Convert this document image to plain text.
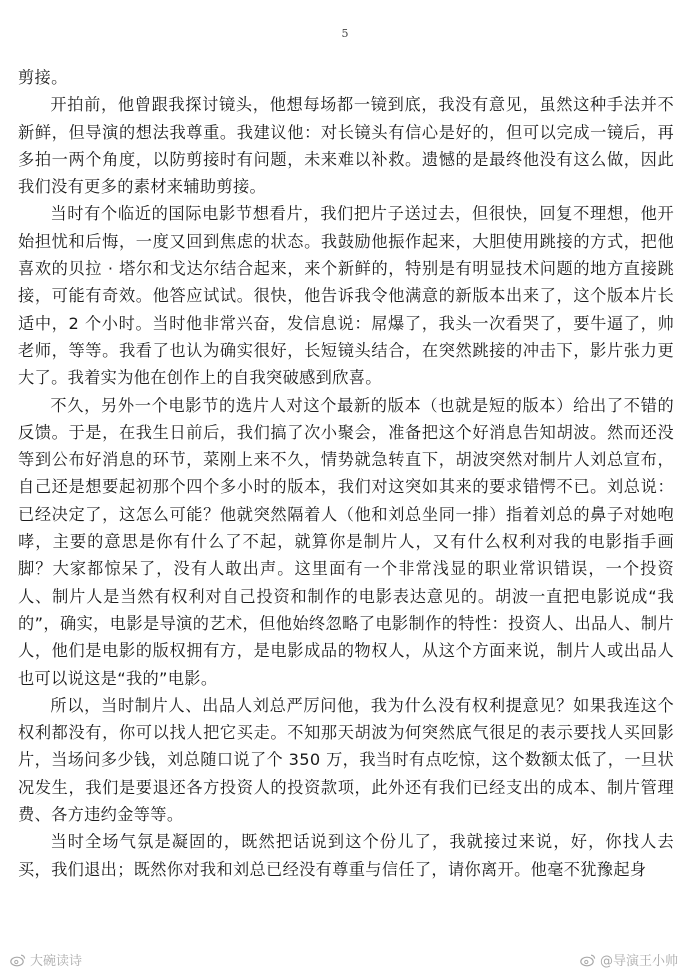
5

剪接。

开拍前，他曾跟我探讨镜头，他想每场都一镜到底，我没有意见，虽然这种手法并不新鲜，但导演的想法我尊重。我建议他：对长镜头有信心是好的，但可以完成一镜后，再多拍一两个角度，以防剪接时有问题，未来难以补救。遗憾的是最终他没有这么做，因此我们没有更多的素材来辅助剪接。

当时有个临近的国际电影节想看片，我们把片子送过去，但很快，回复不理想，他开始担忧和后悔，一度又回到焦虑的状态。我鼓励他振作起来，大胆使用跳接的方式，把他喜欢的贝拉 · 塔尔和戈达尔结合起来，来个新鲜的，特别是有明显技术问题的地方直接跳接，可能有奇效。他答应试试。很快，他告诉我令他满意的新版本出来了，这个版本片长适中，2 个小时。当时他非常兴奋，发信息说：屌爆了，我头一次看哭了，要牛逼了，帅老师，等等。我看了也认为确实很好，长短镜头结合，在突然跳接的冲击下，影片张力更大了。我着实为他在创作上的自我突破感到欣喜。

不久，另外一个电影节的选片人对这个最新的版本（也就是短的版本）给出了不错的反馈。于是，在我生日前后，我们搞了次小聚会，准备把这个好消息告知胡波。然而还没等到公布好消息的环节，菜刚上来不久，情势就急转直下，胡波突然对制片人刘总宣布，自己还是想要起初那个四个多小时的版本，我们对这突如其来的要求错愕不已。刘总说：已经决定了，这怎么可能？他就突然隔着人（他和刘总坐同一排）指着刘总的鼻子对她咆哮，主要的意思是你有什么了不起，就算你是制片人，又有什么权利对我的电影指手画脚？大家都惊呆了，没有人敢出声。这里面有一个非常浅显的职业常识错误，一个投资人、制片人是当然有权利对自己投资和制作的电影表达意见的。胡波一直把电影说成“我的”，确实，电影是导演的艺术，但他始终忽略了电影制作的特性：投资人、出品人、制片人，他们是电影的版权拥有方，是电影成品的物权人，从这个方面来说，制片人或出品人也可以说这是“我的”电影。

所以，当时制片人、出品人刘总严厉问他，我为什么没有权利提意见？如果我连这个权利都没有，你可以找人把它买走。不知那天胡波为何突然底气很足的表示要找人买回影片，当场问多少钱，刘总随口说了个 350 万，我当时有点吃惊，这个数额太低了，一旦状况发生，我们是要退还各方投资人的投资款项，此外还有我们已经支出的成本、制片管理费、各方违约金等等。

当时全场气氛是凝固的，既然把话说到这个份儿了，我就接过来说，好，你找人去买，我们退出；既然你对我和刘总已经没有尊重与信任了，请你离开。他毫不犹豫起身

大碗读诗	@导演王小帅
